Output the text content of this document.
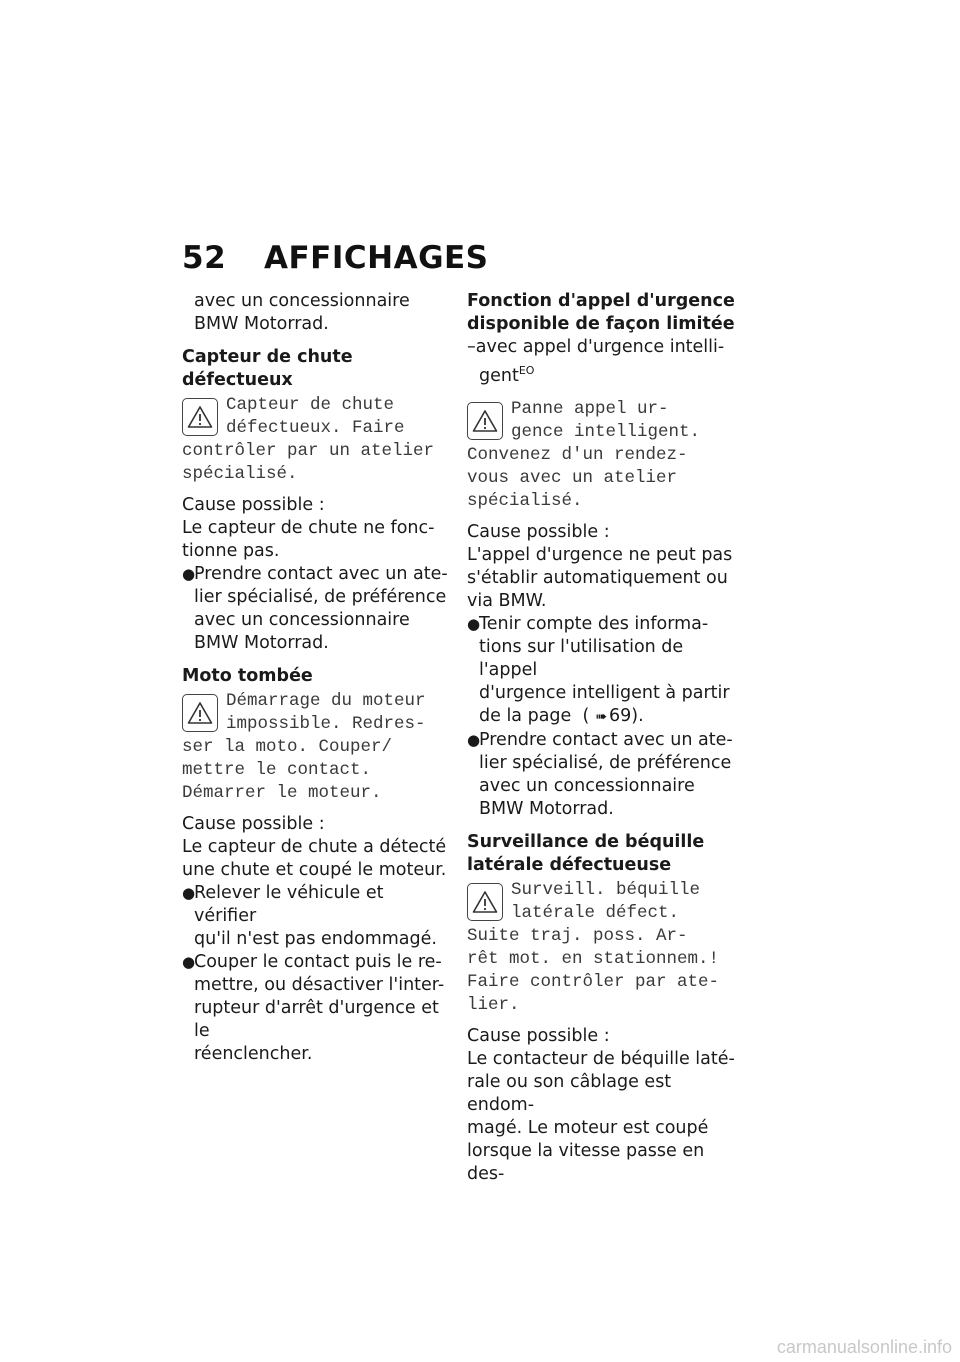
52 AFFICHAGES

avec un concessionnaire

BMW Motorrad.

Capteur de chute défectueux

Capteur de chute

défectueux. Faire

contrôler par un atelier

spécialisé.

Cause possible :

Le capteur de chute ne fonc-

tionne pas.

●

Prendre contact avec un ate-

lier spécialisé, de préférence

avec un concessionnaire

BMW Motorrad.

Moto tombée

Démarrage du moteur

impossible. Redres-

ser la moto. Couper/

mettre le contact.

Démarrer le moteur.

Cause possible :

Le capteur de chute a détecté

une chute et coupé le moteur.

●

Relever le véhicule et vérifier

qu'il n'est pas endommagé.

●

Couper le contact puis le re-

mettre, ou désactiver l'inter-

rupteur d'arrêt d'urgence et le

réenclencher.

Fonction d'appel d'urgence

disponible de façon limitée

–avec appel d'urgence intelli-

gent$^{EO}$

Panne appel ur-

gence intelligent.

Convenez d'un rendez-

vous avec un atelier

spécialisé.

Cause possible :

L'appel d'urgence ne peut pas

s'établir automatiquement ou

via BMW.

●

Tenir compte des informa-

tions sur l'utilisation de l'appel

d'urgence intelligent à partir

de la page ( ➠ 69).

●

Prendre contact avec un ate-

lier spécialisé, de préférence

avec un concessionnaire

BMW Motorrad.

Surveillance de béquille

latérale défectueuse

Surveill. béquille

latérale défect.

Suite traj. poss. Ar-

rêt mot. en stationnem.!

Faire contrôler par ate-

lier.

Cause possible :

Le contacteur de béquille laté-

rale ou son câblage est endom-

magé. Le moteur est coupé

lorsque la vitesse passe en des-

carmanualsonline.info
